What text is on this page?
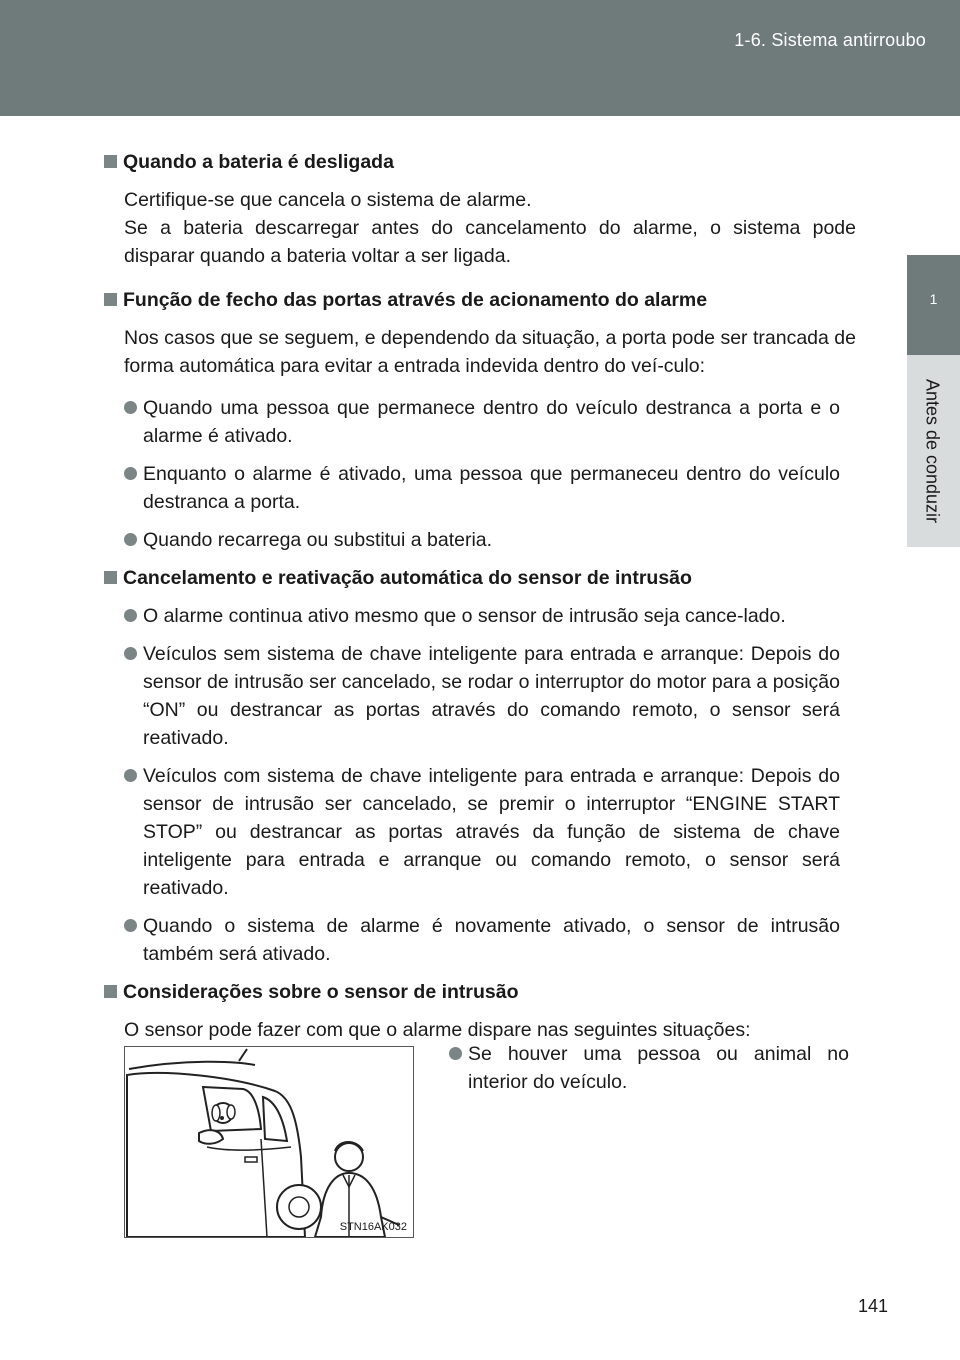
1-6. Sistema antirroubo
1
Antes de conduzir
Quando a bateria é desligada
Certifique-se que cancela o sistema de alarme.
Se a bateria descarregar antes do cancelamento do alarme, o sistema pode disparar quando a bateria voltar a ser ligada.
Função de fecho das portas através de acionamento do alarme
Nos casos que se seguem, e dependendo da situação, a porta pode ser trancada de forma automática para evitar a entrada indevida dentro do veí-culo:
Quando uma pessoa que permanece dentro do veículo destranca a porta e o alarme é ativado.
Enquanto o alarme é ativado, uma pessoa que permaneceu dentro do veículo destranca a porta.
Quando recarrega ou substitui a bateria.
Cancelamento e reativação automática do sensor de intrusão
O alarme continua ativo mesmo que o sensor de intrusão seja cance-lado.
Veículos sem sistema de chave inteligente para entrada e arranque: Depois do sensor de intrusão ser cancelado, se rodar o interruptor do motor para a posição “ON” ou destrancar as portas através do comando remoto, o sensor será reativado.
Veículos com sistema de chave inteligente para entrada e arranque: Depois do sensor de intrusão ser cancelado, se premir o interruptor “ENGINE START STOP” ou destrancar as portas através da função de sistema de chave inteligente para entrada e arranque ou comando remoto, o sensor será reativado.
Quando o sistema de alarme é novamente ativado, o sensor de intrusão também será ativado.
Considerações sobre o sensor de intrusão
O sensor pode fazer com que o alarme dispare nas seguintes situações:
STN16AK032
Se houver uma pessoa ou animal no interior do veículo.
141
